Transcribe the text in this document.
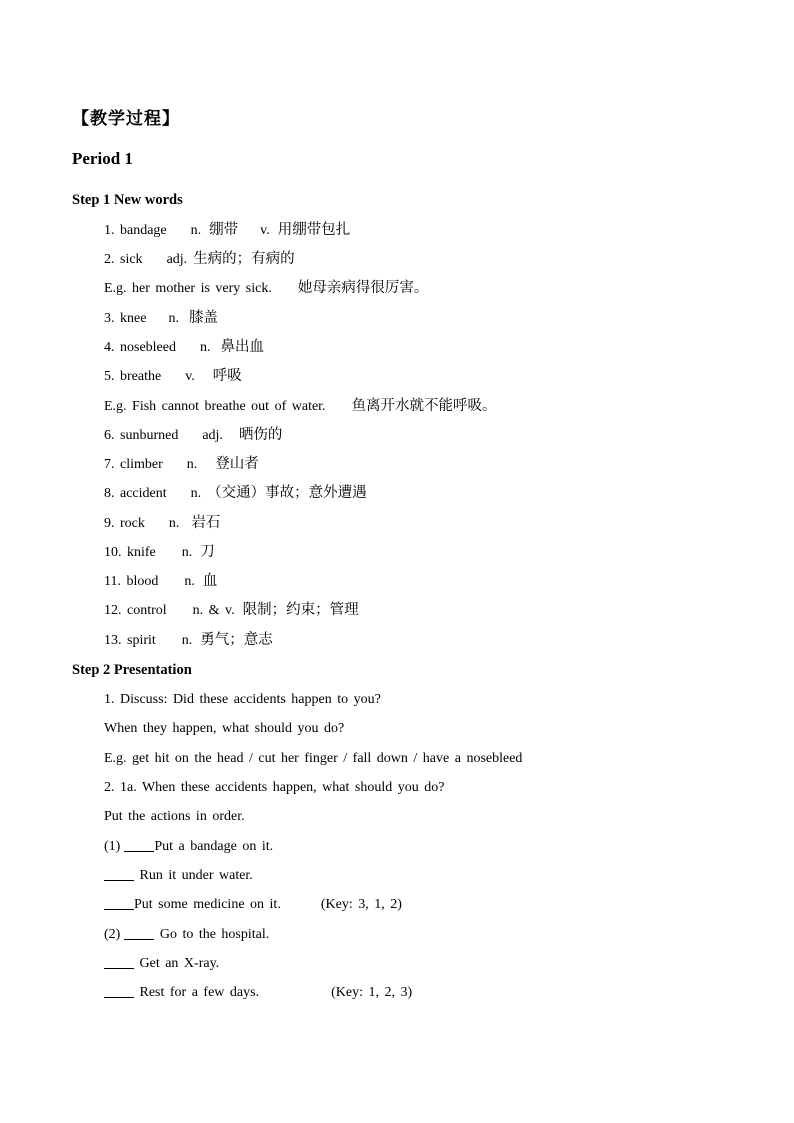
【教学过程】
Period 1
Step 1 New words
1. bandage n. 绷带 v. 用绷带包扎
2. sick adj. 生病的；有病的
E.g. her mother is very sick. 她母亲病得很厉害。
3. knee n. 膝盖
4. nosebleed n. 鼻出血
5. breathe v. 呼吸
E.g. Fish cannot breathe out of water. 鱼离开水就不能呼吸。
6. sunburned adj. 晒伤的
7. climber n. 登山者
8. accident n. （交通）事故；意外遭遇
9. rock n. 岩石
10. knife n. 刀
11. blood n. 血
12. control n. & v. 限制；约束；管理
13. spirit n. 勇气；意志
Step 2 Presentation
1. Discuss: Did these accidents happen to you?
When they happen, what should you do?
E.g. get hit on the head / cut her finger / fall down / have a nosebleed
2. 1a. When these accidents happen, what should you do?
Put the actions in order.
(1) Put a bandage on it.
Run it under water.
Put some medicine on it.	(Key: 3, 1, 2)
(2) Go to the hospital.
Get an X-ray.
Rest for a few days.	(Key: 1, 2, 3)
